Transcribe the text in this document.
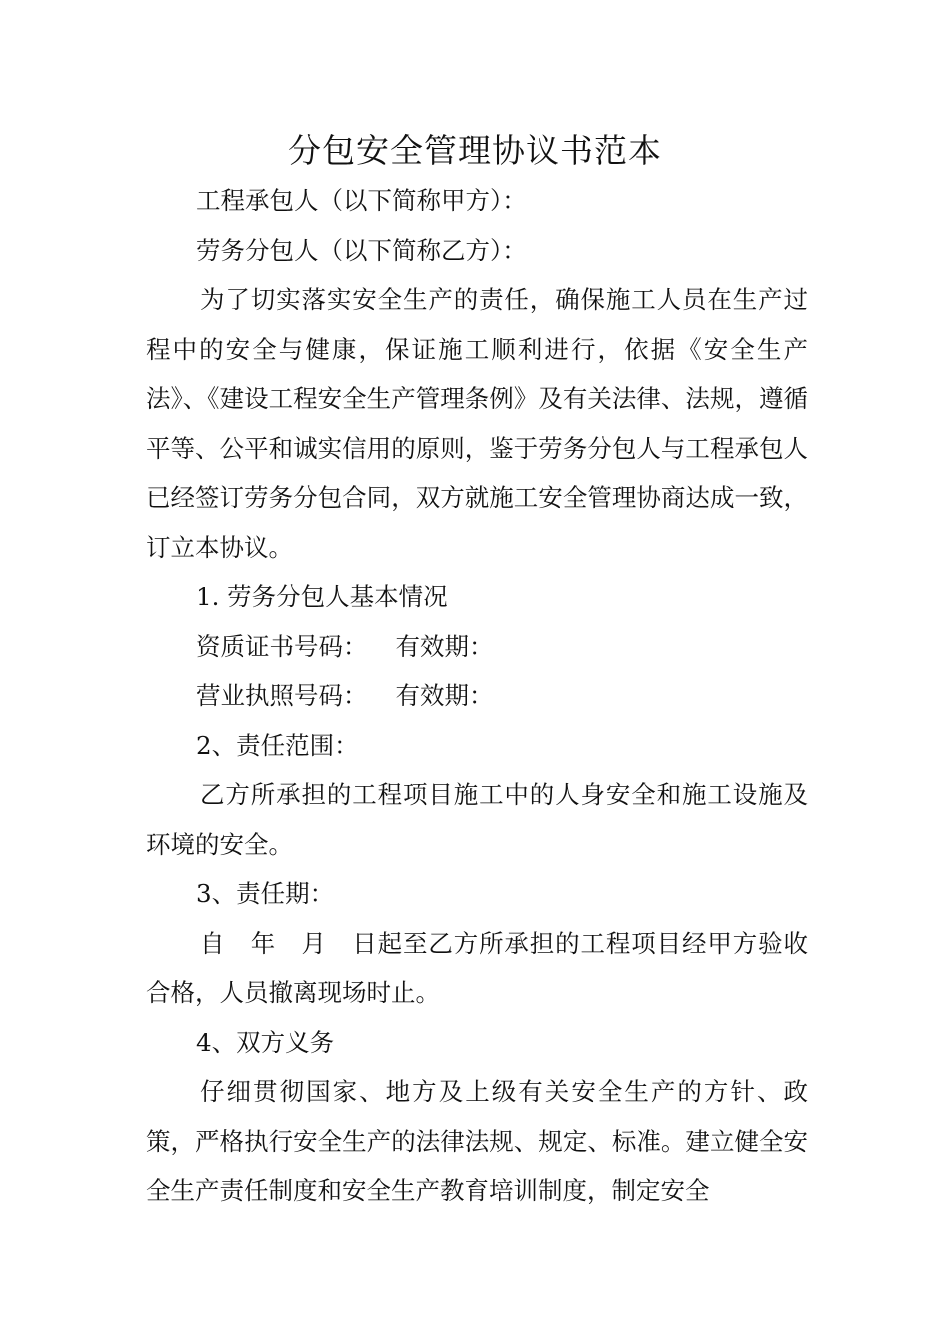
分包安全管理协议书范本

工程承包人（以下简称甲方）：

劳务分包人（以下简称乙方）：

为了切实落实安全生产的责任，确保施工人员在生产过程中的安全与健康，保证施工顺利进行，依据《安全生产法》、《建设工程安全生产管理条例》及有关法律、法规，遵循平等、公平和诚实信用的原则，鉴于劳务分包人与工程承包人已经签订劳务分包合同，双方就施工安全管理协商达成一致，订立本协议。

1. 劳务分包人基本情况

资质证书号码： 有效期：

营业执照号码： 有效期：

2、责任范围：

乙方所承担的工程项目施工中的人身安全和施工设施及环境的安全。

3、责任期：

自　年　月　日起至乙方所承担的工程项目经甲方验收合格，人员撤离现场时止。

4、双方义务

仔细贯彻国家、地方及上级有关安全生产的方针、政策，严格执行安全生产的法律法规、规定、标准。建立健全安全生产责任制度和安全生产教育培训制度，制定安全
